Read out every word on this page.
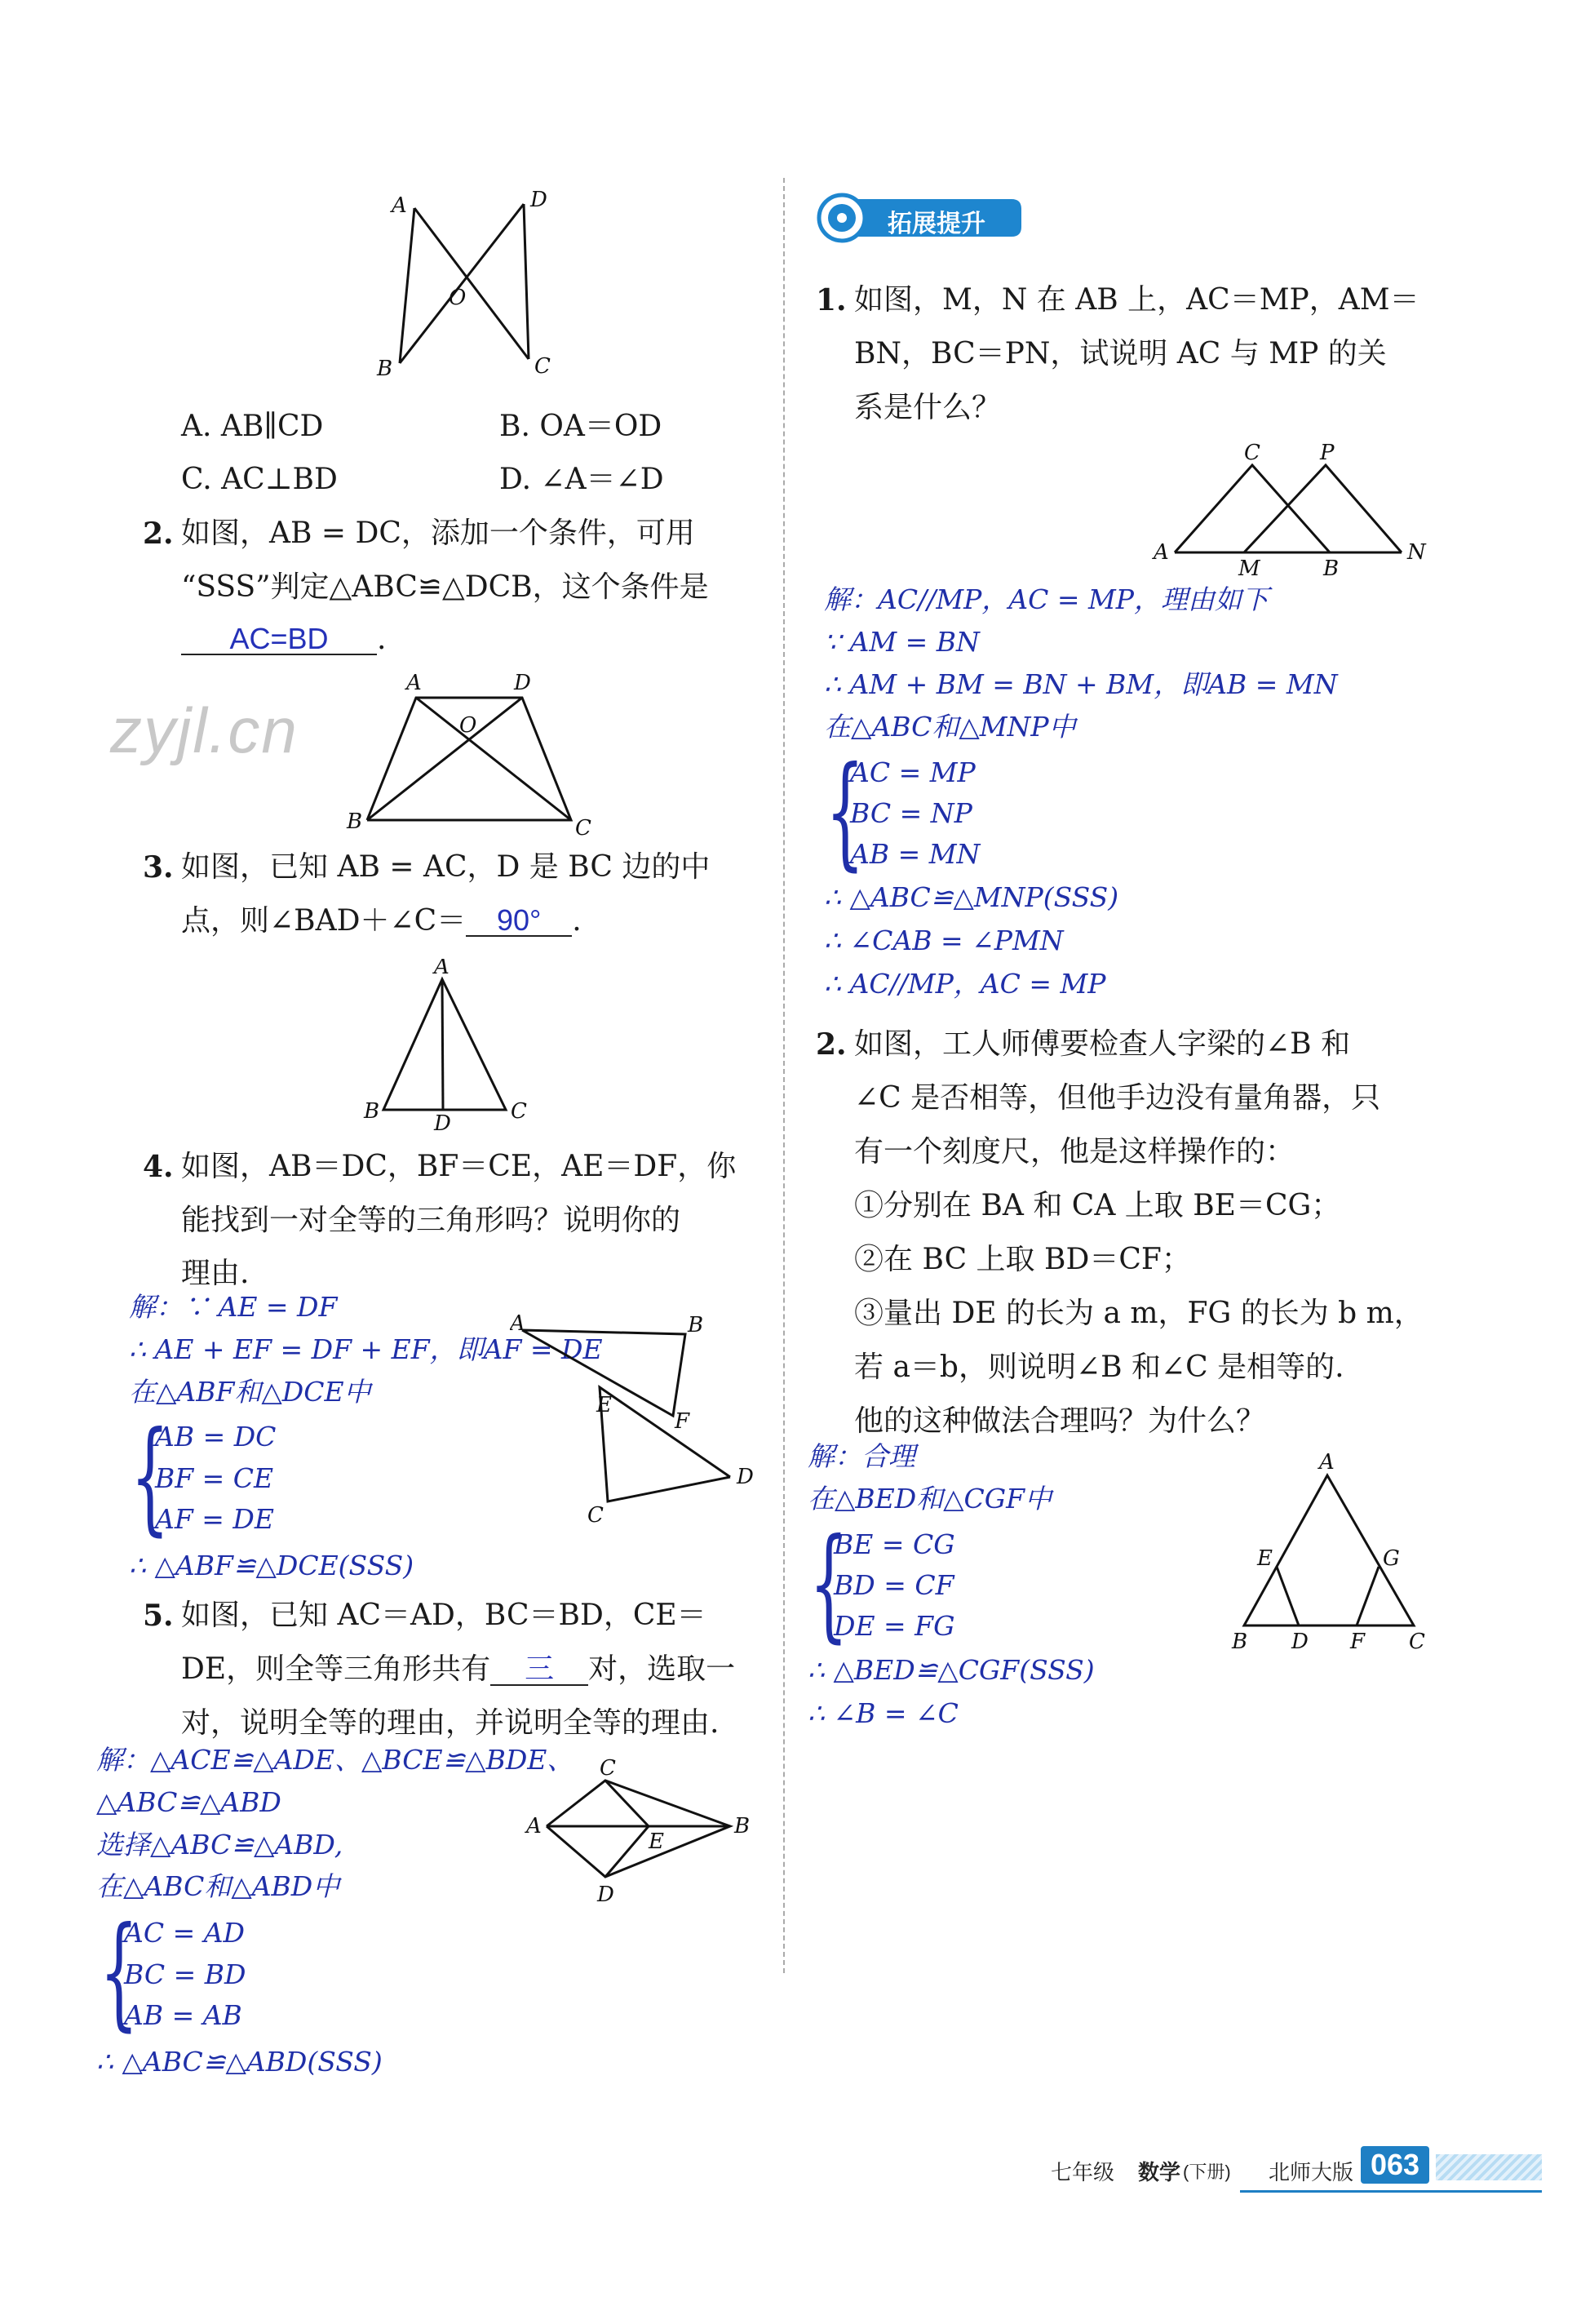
zyjl.cn
A	D
O
B	C
A. AB∥CD	B. OA＝OD
C. AC⊥BD	D. ∠A＝∠D
2. 如图，AB = DC，添加一个条件，可用
“SSS”判定△ABC≌△DCB，这个条件是
AC=BD .
A	D
O
B	C
3. 如图，已知 AB = AC，D 是 BC 边的中
点，则∠BAD＋∠C＝ 90° .
A
B	D	C
4. 如图，AB＝DC，BF＝CE，AE＝DF，你
能找到一对全等的三角形吗？说明你的
理由.
解：∵ AE = DF
∴ AE + EF = DF + EF，即AF = DE
在△ABF和△DCE中
{
AB = DC
BF = CE
AF = DE
∴ △ABF≌△DCE(SSS)
A	B
E
F
C
D
5. 如图，已知 AC＝AD，BC＝BD，CE＝
DE，则全等三角形共有 三 对，选取一
对，说明全等的理由，并说明全等的理由.
解：△ACE≌△ADE、△BCE≌△BDE、
△ABC≌△ABD
选择△ABC≌△ABD,
在△ABC和△ABD中
{
AC = AD
BC = BD
AB = AB
∴ △ABC≌△ABD(SSS)
C
A
E
B
D
拓展提升
1. 如图，M，N 在 AB 上，AC＝MP，AM＝
BN，BC＝PN，试说明 AC 与 MP 的关
系是什么？
C	P
A
M	B
N
解：AC//MP，AC = MP，理由如下
∵ AM = BN
∴ AM + BM = BN + BM，即AB = MN
在△ABC和△MNP中
{
AC = MP
BC = NP
AB = MN
∴ △ABC≌△MNP(SSS)
∴ ∠CAB = ∠PMN
∴ AC//MP，AC = MP
2. 如图，工人师傅要检查人字梁的∠B 和
∠C 是否相等，但他手边没有量角器，只
有一个刻度尺，他是这样操作的：
①分别在 BA 和 CA 上取 BE＝CG；
②在 BC 上取 BD＝CF；
③量出 DE 的长为 a m，FG 的长为 b m，
若 a＝b，则说明∠B 和∠C 是相等的.
他的这种做法合理吗？为什么？
解：合理
在△BED和△CGF中
{
BE = CG
BD = CF
DE = FG
∴ △BED≌△CGF(SSS)
∴ ∠B = ∠C
A
E	G
B D F C
七年级 数学 (下册) 北师大版 063
